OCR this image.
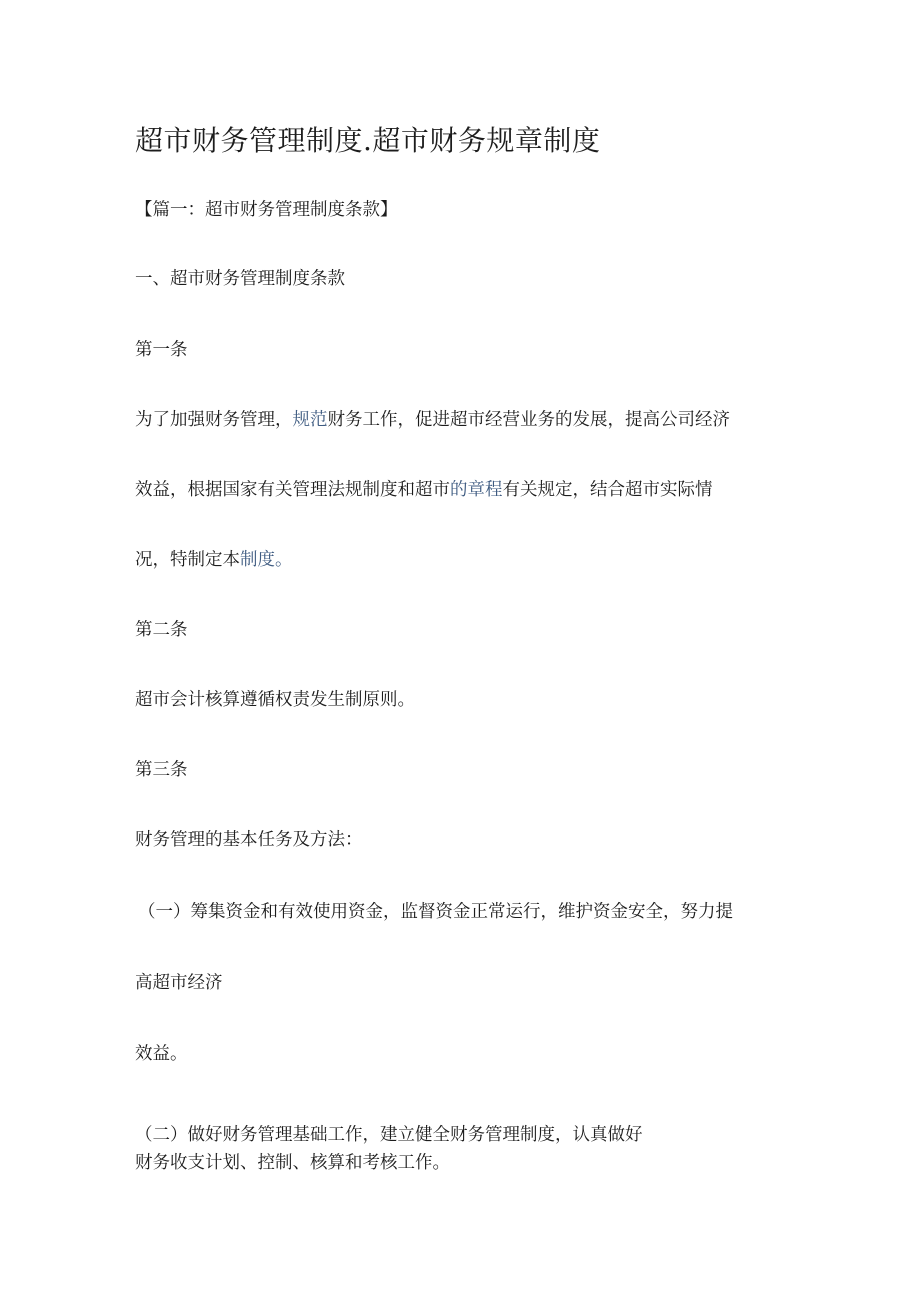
超市财务管理制度.超市财务规章制度
【篇一：超市财务管理制度条款】
一、超市财务管理制度条款
第一条
为了加强财务管理，规范财务工作，促进超市经营业务的发展，提高公司经济
效益，根据国家有关管理法规制度和超市的章程有关规定，结合超市实际情
况，特制定本制度。
第二条
超市会计核算遵循权责发生制原则。
第三条
财务管理的基本任务及方法：
（一）筹集资金和有效使用资金，监督资金正常运行，维护资金安全，努力提
高超市经济
效益。
（二）做好财务管理基础工作，建立健全财务管理制度，认真做好
财务收支计划、控制、核算和考核工作。
